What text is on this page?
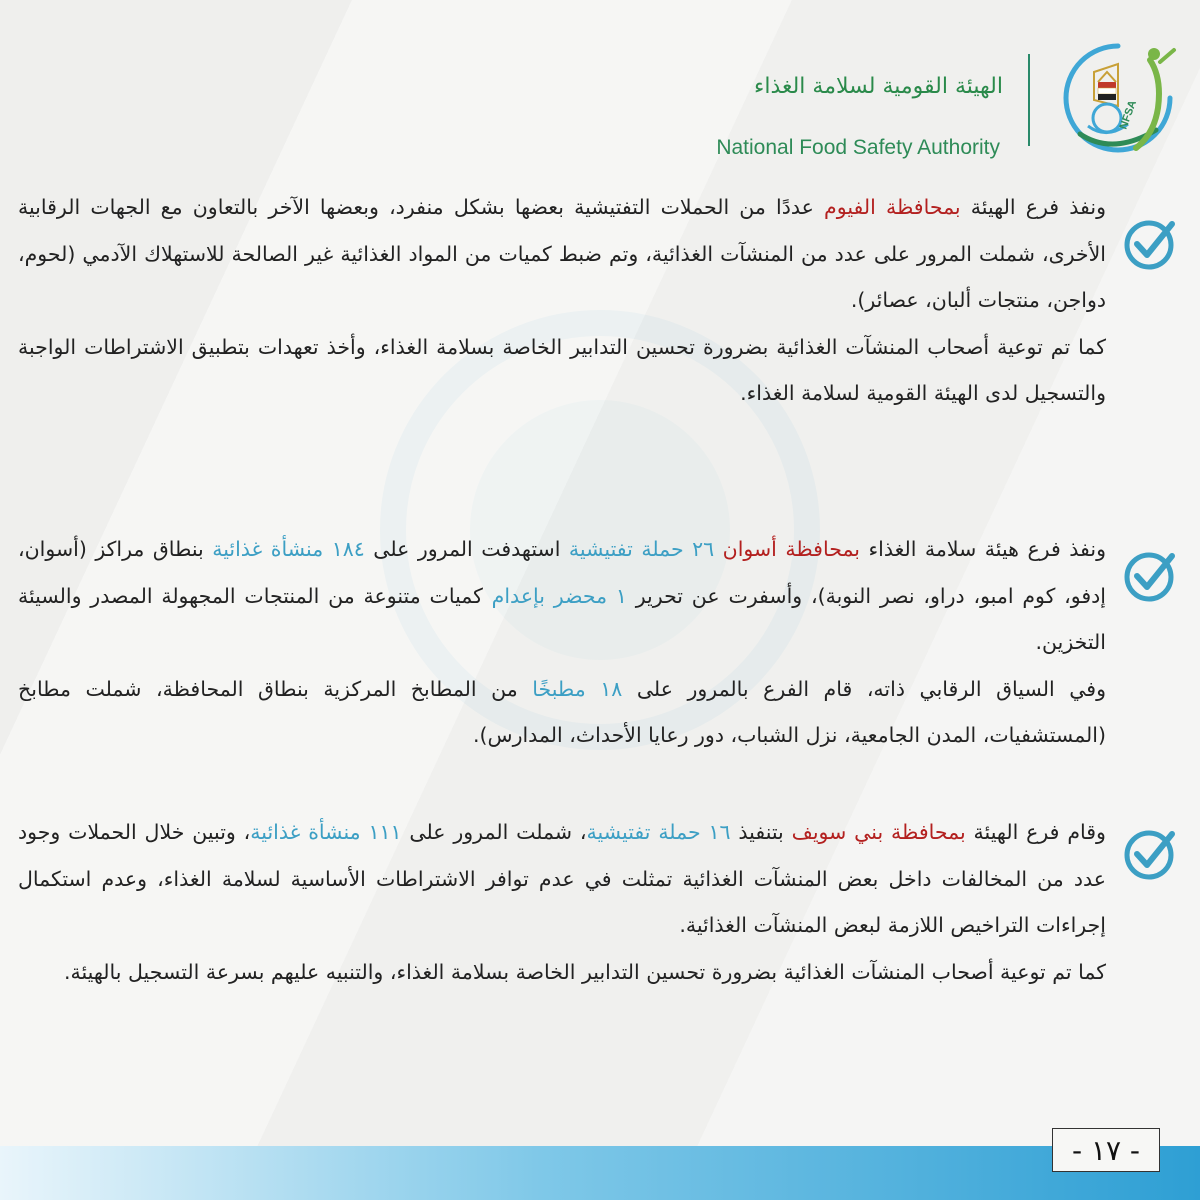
NFSA
الهيئة القومية لسلامة الغذاء
National Food Safety Authority

ونفذ فرع الهيئة بمحافظة الفيوم عددًا من الحملات التفتيشية بعضها بشكل منفرد، وبعضها الآخر بالتعاون مع الجهات الرقابية الأخرى، شملت المرور على عدد من المنشآت الغذائية، وتم ضبط كميات من المواد الغذائية غير الصالحة للاستهلاك الآدمي (لحوم، دواجن، منتجات ألبان، عصائر).

كما تم توعية أصحاب المنشآت الغذائية بضرورة تحسين التدابير الخاصة بسلامة الغذاء، وأخذ تعهدات بتطبيق الاشتراطات الواجبة والتسجيل لدى الهيئة القومية لسلامة الغذاء.

ونفذ فرع هيئة سلامة الغذاء بمحافظة أسوان ٢٦ حملة تفتيشية استهدفت المرور على ١٨٤ منشأة غذائية بنطاق مراكز (أسوان، إدفو، كوم امبو، دراو، نصر النوبة)، وأسفرت عن تحرير ١ محضر بإعدام كميات متنوعة من المنتجات المجهولة المصدر والسيئة التخزين.

وفي السياق الرقابي ذاته، قام الفرع بالمرور على ١٨ مطبخًا من المطابخ المركزية بنطاق المحافظة، شملت مطابخ (المستشفيات، المدن الجامعية، نزل الشباب، دور رعايا الأحداث، المدارس).

وقام فرع الهيئة بمحافظة بني سويف بتنفيذ ١٦ حملة تفتيشية، شملت المرور على ١١١ منشأة غذائية، وتبين خلال الحملات وجود عدد من المخالفات داخل بعض المنشآت الغذائية تمثلت في عدم توافر الاشتراطات الأساسية لسلامة الغذاء، وعدم استكمال إجراءات التراخيص اللازمة لبعض المنشآت الغذائية.

كما تم توعية أصحاب المنشآت الغذائية بضرورة تحسين التدابير الخاصة بسلامة الغذاء، والتنبيه عليهم بسرعة التسجيل بالهيئة.

- ١٧ -
